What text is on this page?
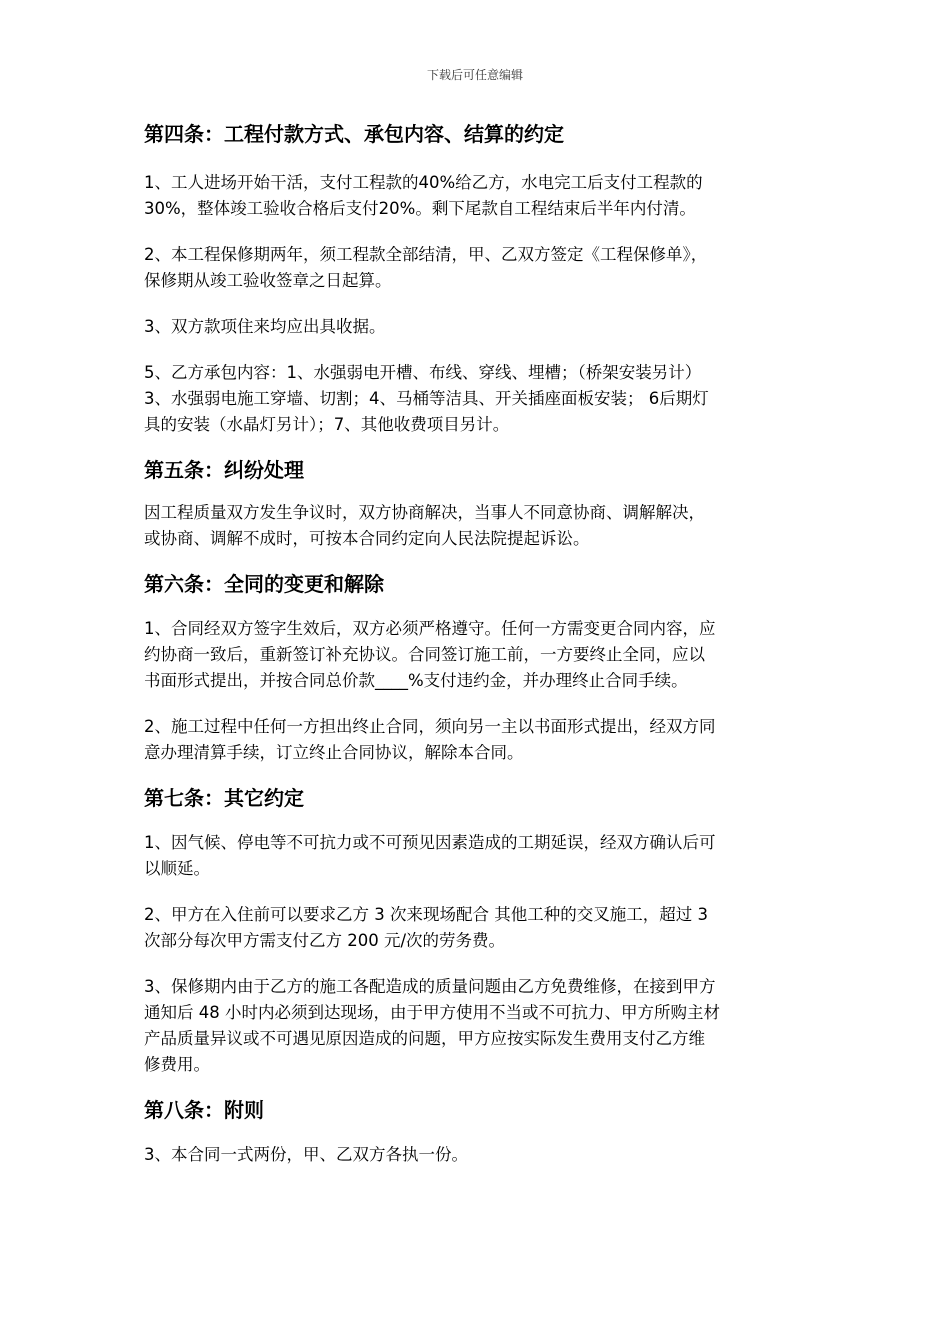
下载后可任意编辑
第四条：工程付款方式、承包内容、结算的约定

1、工人进场开始干活，支付工程款的40%给乙方，水电完工后支付工程款的
30%，整体竣工验收合格后支付20%。剩下尾款自工程结束后半年内付清。

2、本工程保修期两年，须工程款全部结清，甲、乙双方签定《工程保修单》，
保修期从竣工验收签章之日起算。

3、双方款项住来均应出具收据。

5、乙方承包内容：1、水强弱电开槽、布线、穿线、埋槽；（桥架安装另计）
3、水强弱电施工穿墙、切割；4、马桶等洁具、开关插座面板安装； 6后期灯
具的安装（水晶灯另计）；7、其他收费项目另计。

第五条：纠纷处理

因工程质量双方发生争议时，双方协商解决，当事人不同意协商、调解解决，
或协商、调解不成时，可按本合同约定向人民法院提起诉讼。

第六条：全同的变更和解除

1、合同经双方签字生效后，双方必须严格遵守。任何一方需变更合同内容，应
约协商一致后，重新签订补充协议。合同签订施工前，一方要终止全同，应以
书面形式提出，并按合同总价款____%支付违约金，并办理终止合同手续。

2、施工过程中任何一方担出终止合同，须向另一主以书面形式提出，经双方同
意办理清算手续，订立终止合同协议，解除本合同。

第七条：其它约定

1、因气候、停电等不可抗力或不可预见因素造成的工期延误，经双方确认后可
以顺延。

2、甲方在入住前可以要求乙方 3 次来现场配合 其他工种的交叉施工，超过 3
次部分每次甲方需支付乙方 200 元/次的劳务费。

3、保修期内由于乙方的施工各配造成的质量问题由乙方免费维修，在接到甲方
通知后 48 小时内必须到达现场，由于甲方使用不当或不可抗力、甲方所购主材
产品质量异议或不可遇见原因造成的问题，甲方应按实际发生费用支付乙方维
修费用。

第八条：附则

3、本合同一式两份，甲、乙双方各执一份。
